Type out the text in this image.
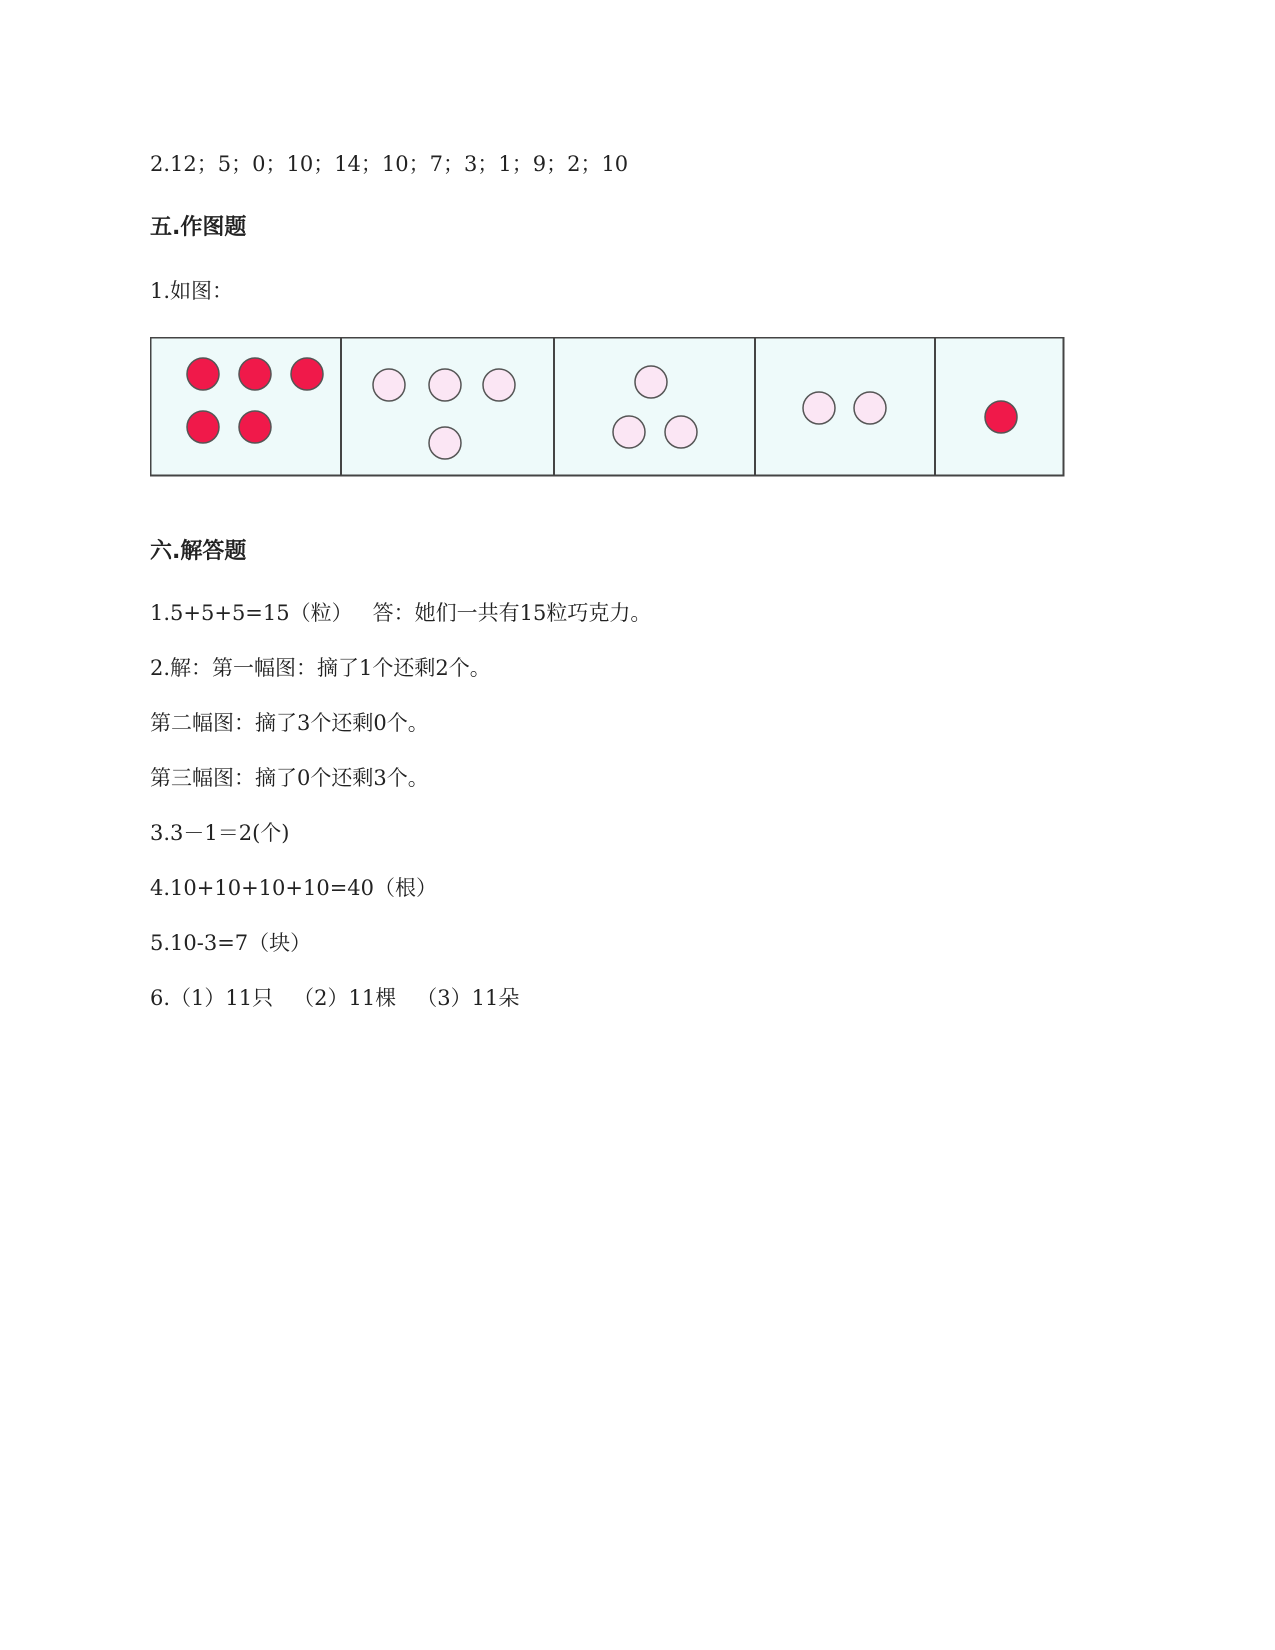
2.12；5；0；10；14；10；7；3；1；9；2；10
五.作图题
1.如图：
六.解答题
1.5+5+5=15（粒）   答：她们一共有15粒巧克力。
2.解：第一幅图：摘了1个还剩2个。
第二幅图：摘了3个还剩0个。
第三幅图：摘了0个还剩3个。
3.3－1＝2(个)
4.10+10+10+10=40（根）
5.10-3=7（块）
6.（1）11只   （2）11棵   （3）11朵
